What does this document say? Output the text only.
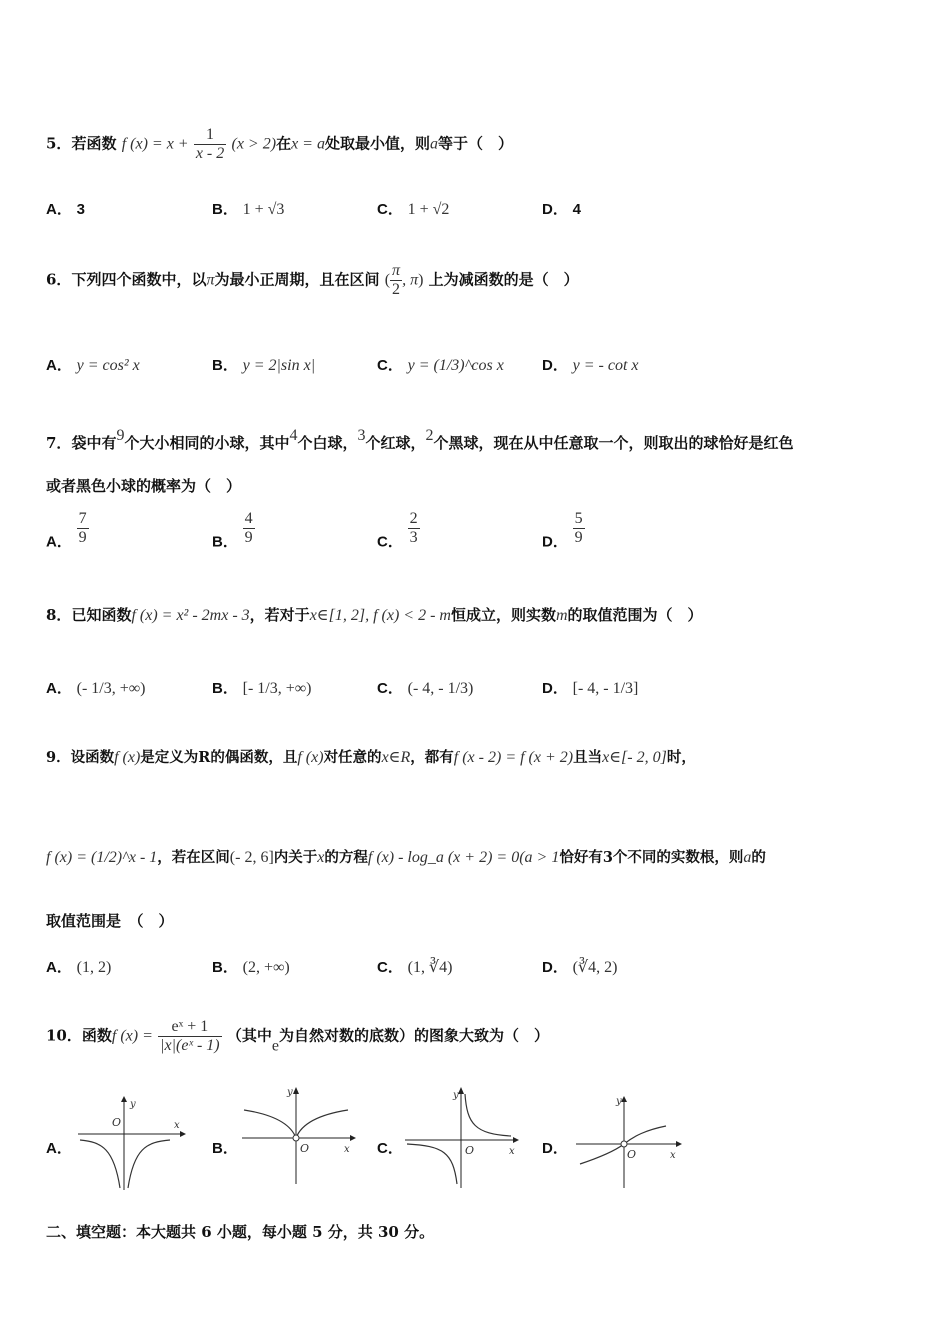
5．若函数 f $(x) = x + \frac{1}{x - 2} (x > 2)$在x = a处取最小值，则a等于（　）
A． 3	B． 1 + √3	C． 1 + √2	D． 4
6．下列四个函数中，以π为最小正周期，且在区间 ( $\frac{\pi}{2}$ , π) 上为减函数的是（　）
A． y = cos² x	B． y = 2|sin x|	C． y = (1/3)^cos x	D． y = - cot x
7．袋中有9个大小相同的小球，其中4个白球，3个红球，2个黑球，现在从中任意取一个，则取出的球恰好是红色
或者黑色小球的概率为（　）
A． $\frac{7}{9}$	B． $\frac{4}{9}$	C． $\frac{2}{3}$	D． $\frac{5}{9}$
8．已知函数f (x) = x² - 2mx - 3，若对于x∈[1, 2], f (x) < 2 - m恒成立，则实数m的取值范围为（　）
A． (- 1/3, +∞)	B． [- 1/3, +∞)	C． (- 4, - 1/3)	D． [- 4, - 1/3]
9．设函数f (x)是定义为R的偶函数，且f (x)对任意的x∈R，都有f (x - 2) = f (x + 2)且当x∈[- 2, 0]时，
f (x) = (1/2)^x - 1，若在区间(- 2, 6]内关于x的方程f (x) - log_a (x + 2) = 0(a > 1恰好有3个不同的实数根，则a的
取值范围是　（　）
A． (1, 2)	B． (2, +∞)	C． (1, ∛4)	D． (∛4, 2)
10．函数f $(x) = \frac{\text{eˣ + 1}}{\text{|x|(eˣ - 1)}}$ （其中e为自然对数的底数）的图象大致为（　）
A．	B．	C．	D．
y
x
O
y
x
O
y
x
O
y
x
O
二、填空题：本大题共 6 小题，每小题 5 分，共 30 分。
